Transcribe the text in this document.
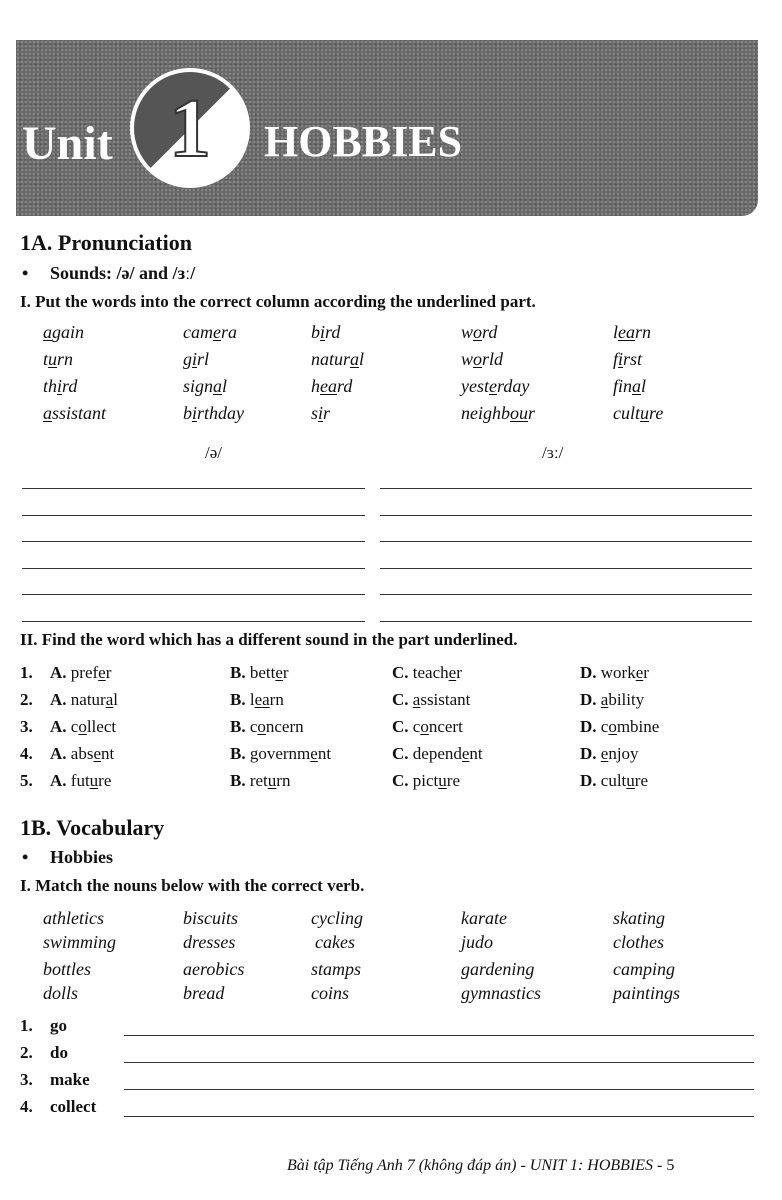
Unit 1	HOBBIES
1A. Pronunciation
• Sounds: /ə/ and /ɜː/
I. Put the words into the correct column according the underlined part.
again	camera	bird	word	learn
turn	girl	natural	world	first
third	signal	heard	yesterday	final
assistant	birthday	sir	neighbour	culture
/ə/	/ɜː/
II. Find the word which has a different sound in the part underlined.
1. A. prefer	B. better	C. teacher	D. worker
2. A. natural	B. learn	C. assistant	D. ability
3. A. collect	B. concern	C. concert	D. combine
4. A. absent	B. government	C. dependent	D. enjoy
5. A. future	B. return	C. picture	D. culture
1B. Vocabulary
• Hobbies
I. Match the nouns below with the correct verb.
athletics	biscuits	cycling	karate	skating
swimming	dresses	cakes	judo	clothes
bottles	aerobics	stamps	gardening	camping
dolls	bread	coins	gymnastics	paintings
1. go
2. do
3. make
4. collect
Bài tập Tiếng Anh 7 (không đáp án) - UNIT 1: HOBBIES - 5
